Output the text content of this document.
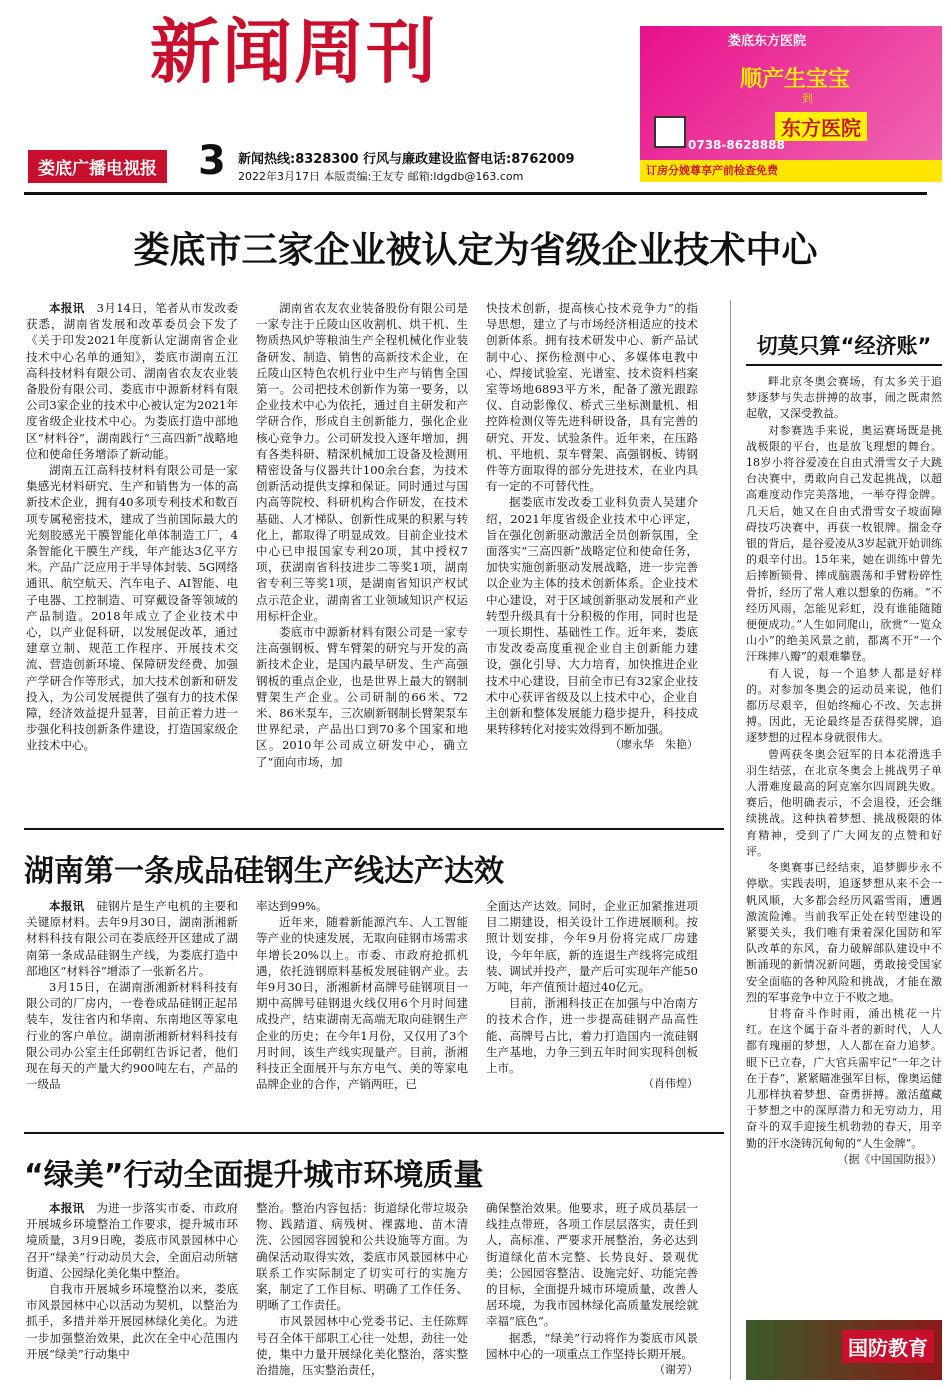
新闻周刊
娄底广播电视报 3 新闻热线:8328300 行风与廉政建设监督电话:8762009
2022年3月17日 本版责编:王友专 邮箱:ldgdb@163.com
娄底东方医院
顺产生宝宝
到
东方医院
0738-8628888
订房分娩尊享产前检查免费
娄底市三家企业被认定为省级企业技术中心

本报讯　 3月14日，笔者从市发改委获悉，湖南省发展和改革委员会下发了《关于印发2021年度新认定湖南省企业技术中心名单的通知》，娄底市湖南五江高科技材料有限公司、湖南省农友农业装备股份有限公司、娄底市中源新材料有限公司3家企业的技术中心被认定为2021年度省级企业技术中心。为娄底打造中部地区“材料谷”，湖南践行“三高四新”战略地位和使命任务增添了新动能。

湖南五江高科技材料有限公司是一家集感光材料研究、生产和销售为一体的高新技术企业，拥有40多项专利技术和数百项专属秘密技术，建成了当前国际最大的光刻胶感光干膜智能化单体制造工厂，4条智能化干膜生产线，年产能达3亿平方米。产品广泛应用于半导体封装、5G网络通讯、航空航天、汽车电子、AI智能、电子电器、工控制造、可穿戴设备等领域的产品制造。2018年成立了企业技术中心，以产业促科研，以发展促改革，通过建章立制、规范工作程序、开展技术交流、营造创新环境、保障研发经费、加强产学研合作等形式，加大技术创新和研发投入，为公司发展提供了强有力的技术保障，经济效益提升显著，目前正着力进一步强化科技创新条件建设，打造国家级企业技术中心。

湖南省农友农业装备股份有限公司是一家专注于丘陵山区收割机、烘干机、生物质热风炉等粮油生产全程机械化作业装备研发、制造、销售的高新技术企业，在丘陵山区特色农机行业中生产与销售全国第一。公司把技术创新作为第一要务，以企业技术中心为依托，通过自主研发和产学研合作，形成自主创新能力，强化企业核心竞争力。公司研发投入逐年增加，拥有各类科研、精深机械加工设备及检测用精密设备与仪器共计100余台套，为技术创新活动提供支撑和保证。同时通过与国内高等院校、科研机构合作研发，在技术基础、人才梯队、创新性成果的积累与转化上，都取得了明显成效。目前企业技术中心已申报国家专利20项，其中授权7项，获湖南省科技进步二等奖1项，湖南省专利三等奖1项，是湖南省知识产权试点示范企业，湖南省工业领域知识产权运用标杆企业。

娄底市中源新材料有限公司是一家专注高强钢板、臂车臂架的研究与开发的高新技术企业，是国内最早研发、生产高强钢板的重点企业，也是世界上最大的钢制臂架生产企业。公司研制的66米、72米、86米泵车，三次刷新钢制长臂架泵车世界纪录，产品出口到70多个国家和地区。2010年公司成立研发中心，确立了“面向市场，加

快技术创新，提高核心技术竞争力”的指导思想，建立了与市场经济相适应的技术创新体系。拥有技术研发中心、新产品试制中心、探伤检测中心、多媒体电教中心、焊接试验室、光谱室、技术资料档案室等场地6893平方米，配备了激光跟踪仪、自动影像仪、桥式三坐标测量机、相控阵检测仪等先进科研设备，具有完善的研究、开发、试验条件。近年来，在压路机、平地机、泵车臂架、高强钢板、铸钢件等方面取得的部分先进技术，在业内具有一定的不可替代性。

据娄底市发改委工业科负责人吴建介绍，2021年度省级企业技术中心评定，旨在强化创新驱动激活全员创新氛围，全面落实“三高四新”战略定位和使命任务，加快实施创新驱动发展战略，进一步完善以企业为主体的技术创新体系。企业技术中心建设，对于区域创新驱动发展和产业转型升级具有十分积极的作用，同时也是一项长期性、基础性工作。近年来，娄底市发改委高度重视企业自主创新能力建设，强化引导、大力培育，加快推进企业技术中心建设，目前全市已有32家企业技术中心获评省级及以上技术中心，企业自主创新和整体发展能力稳步提升，科技成果转移转化对接实效得到不断加强。

（廖永华　朱艳）
湖南第一条成品硅钢生产线达产达效

本报讯　 硅钢片是生产电机的主要和关键原材料。去年9月30日，湖南浙湘新材料科技有限公司在娄底经开区建成了湖南第一条成品硅钢生产线，为娄底打造中部地区“材料谷”增添了一张新名片。

3月15日，在湖南浙湘新材料科技有限公司的厂房内，一卷卷成品硅钢正起吊装车，发往省内和华南、东南地区等家电行业的客户单位。湖南浙湘新材料科技有限公司办公室主任邱朝红告诉记者，他们现在每天的产量大约900吨左右，产品的一级品

率达到99%。

近年来，随着新能源汽车、人工智能等产业的快速发展，无取向硅钢市场需求年增长20%以上。市委、市政府抢抓机遇，依托涟钢原料基板发展硅钢产业。去年9月30日，浙湘新材高牌号硅钢项目一期中高牌号硅钢退火线仅用6个月时间建成投产，结束湖南无高端无取向硅钢生产企业的历史；在今年1月份，又仅用了3个月时间，该生产线实现量产。目前，浙湘科技正全面展开与东方电气、美的等家电品牌企业的合作，产销两旺，已

全面达产达效。同时，企业正加紧推进项目二期建设，相关设计工作进展顺利。按照计划安排，今年9月份将完成厂房建设，今年年底，新的连退生产线将完成组装、调试并投产，量产后可实现年产能50万吨，年产值预计超过40亿元。

目前，浙湘科技正在加强与中冶南方的技术合作，进一步提高硅钢产品高性能、高牌号占比，着力打造国内一流硅钢生产基地，力争三到五年时间实现科创板上市。

（肖伟煌）
“绿美”行动全面提升城市环境质量

本报讯　 为进一步落实市委、市政府开展城乡环境整治工作要求，提升城市环境质量，3月9日晚，娄底市风景园林中心召开“绿美”行动动员大会，全面启动所辖街道、公园绿化美化集中整治。

自我市开展城乡环境整治以来，娄底市风景园林中心以活动为契机，以整治为抓手，多措并举开展园林绿化美化。为进一步加强整治效果，此次在全中心范围内开展“绿美”行动集中

整治。整治内容包括：街道绿化带垃圾杂物、践踏道、病残树、裸露地、苗木清洗、公园园容园貌和公共设施等方面。为确保活动取得实效，娄底市风景园林中心联系工作实际制定了切实可行的实施方案，制定了工作目标、明确了工作任务、明晰了工作责任。

市风景园林中心党委书记、主任陈辉号召全体干部职工心往一处想，劲往一处使，集中力量开展绿化美化整治，落实整治措施，压实整治责任，

确保整治效果。他要求，班子成员基层一线挂点带班，各项工作层层落实，责任到人，高标准、严要求开展整治，务必达到街道绿化苗木完整、长势良好、景观优美；公园园容整洁、设施完好、功能完善的目标，全面提升城市环境质量，改善人居环境，为我市园林绿化高质量发展绘就幸福“底色”。

据悉，“绿美”行动将作为娄底市风景园林中心的一项重点工作坚持长期开展。

（谢芳）
切莫只算“经济账”

畔北京冬奥会赛场，有太多关于追梦逐梦与失志拼搏的故事，闹之既肃然起敬，又深受教益。

对参赛选手来说，奥运赛场既是挑战极限的平台，也是放飞理想的舞台。18岁小将谷爱凌在自由式滑雪女子大跳台决赛中，勇敢向自己发起挑战，以超高难度动作完美落地，一举夺得金牌。几天后，她又在自由式滑雪女子坡面障碍技巧决赛中，再获一枚银牌。揣金夺银的背后，是谷爱凌从3岁起就开始训练的艰辛付出。15年来，她在训练中曾先后摔断锁骨、摔成脑震荡和手臂粉碎性骨折，经历了常人难以想象的伤痛。“不经历风雨，怎能见彩虹，没有谁能随随便便成功。”人生如同爬山，欣赏“一览众山小”的绝美风景之前，都离不开“一个汗珠摔八瓣”的艰难攀登。

有人说，每一个追梦人都是好样的。对参加冬奥会的运动员来说，他们都历尽艰辛，但始终痴心不改、矢志拼搏。因此，无论最终是否获得奖牌，追逐梦想的过程本身就很伟大。

曾两获冬奥会冠军的日本花滑选手羽生结弦，在北京冬奥会上挑战男子单人滑难度最高的阿克塞尔四周跳失败。赛后，他明确表示，不会退役，还会继续挑战。这种执着梦想、挑战极限的体育精神，受到了广大网友的点赞和好评。

冬奥赛事已经结束，追梦脚步永不停歇。实践表明，追逐梦想从来不会一帆风顺，大多都会经历风霜雪雨，遭遇激流险滩。当前我军正处在转型建设的紧要关头，我们唯有秉着深化国防和军队改革的东风，奋力破解部队建设中不断涌现的新情况新问题，勇敢接受国家安全面临的各种风险和挑战，才能在激烈的军事竞争中立于不败之地。

甘将奋斗作时雨，涌出桃花一片红。在这个属于奋斗者的新时代，人人都有瑰丽的梦想，人人都在奋力追梦。眼下已立春，广大官兵需牢记“一年之计在于春”，紧紧瞄准强军目标，像奥运健儿那样执着梦想、奋勇拼搏。激活蕴藏于梦想之中的深厚潜力和无穷动力，用奋斗的双手迎接生机勃勃的春天，用辛勤的汗水浇铸沉甸甸的“人生金牌”。

（据《中国国防报》）
国防教育
